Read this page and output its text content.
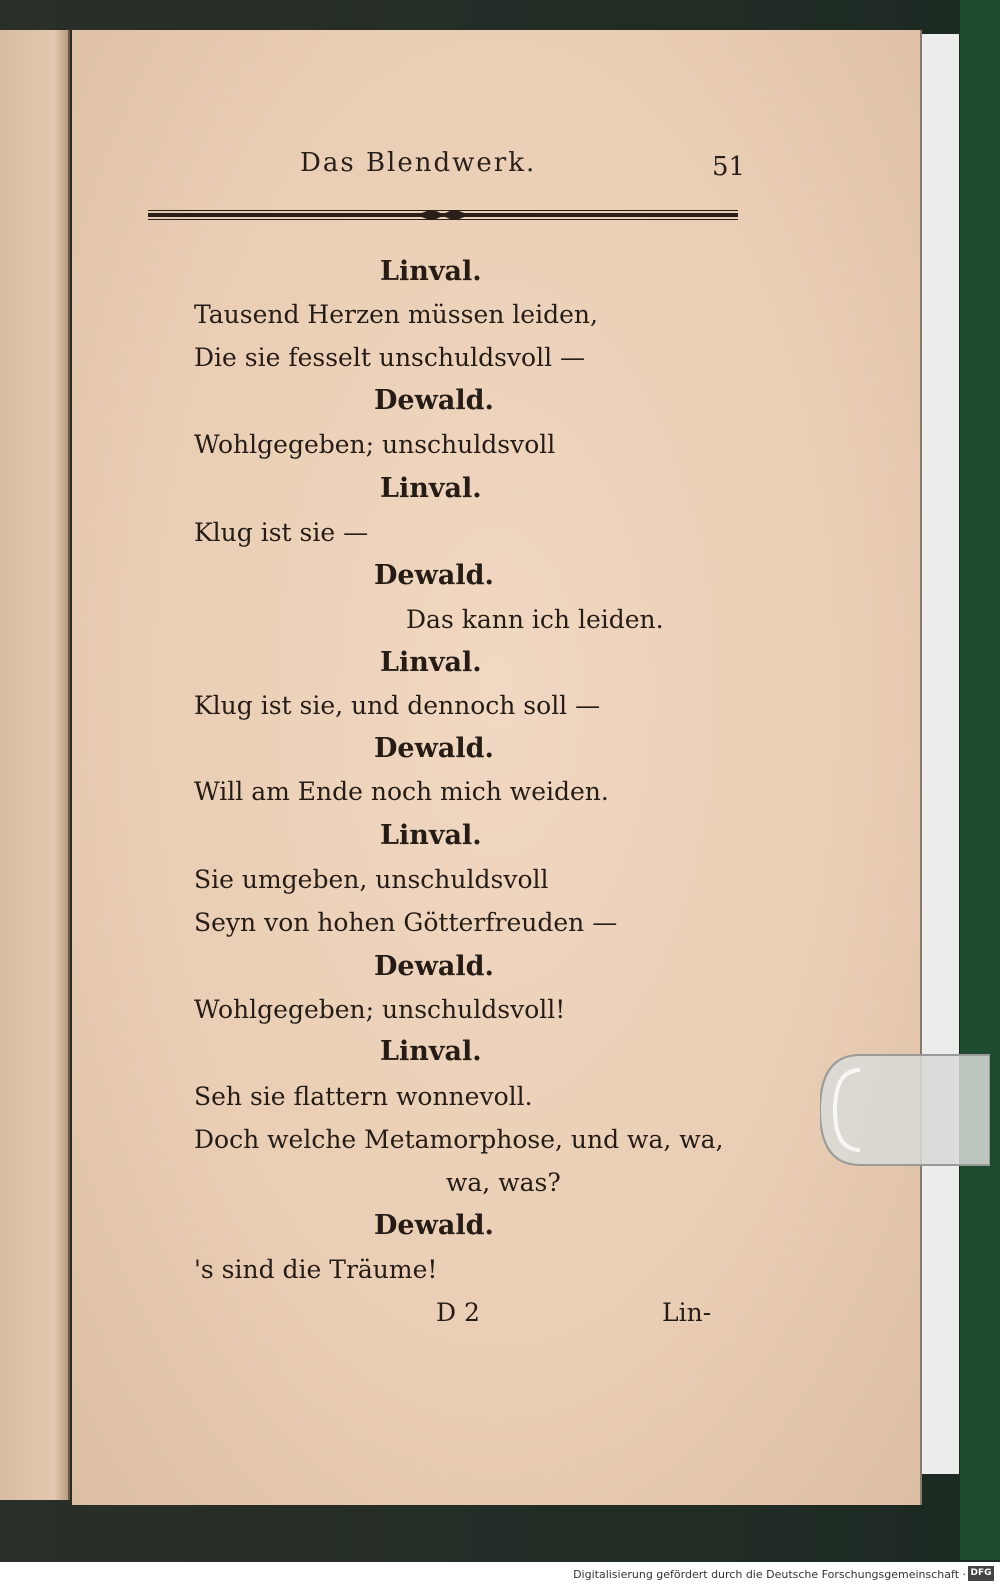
Das Blendwerk.	51
Linval.
Tausend Herzen müssen leiden,
Die sie fesselt unschuldsvoll —
Dewald.
Wohlgegeben; unschuldsvoll
Linval.
Klug ist sie —
Dewald.
Das kann ich leiden.
Linval.
Klug ist sie, und dennoch soll —
Dewald.
Will am Ende noch mich weiden.
Linval.
Sie umgeben, unschuldsvoll
Seyn von hohen Götterfreuden —
Dewald.
Wohlgegeben; unschuldsvoll!
Linval.
Seh sie flattern wonnevoll.
Doch welche Metamorphose, und wa, wa,
wa, was?
Dewald.
's sind die Träume!
D 2	Lin-
Digitalisierung gefördert durch die Deutsche Forschungsgemeinschaft · DFG
